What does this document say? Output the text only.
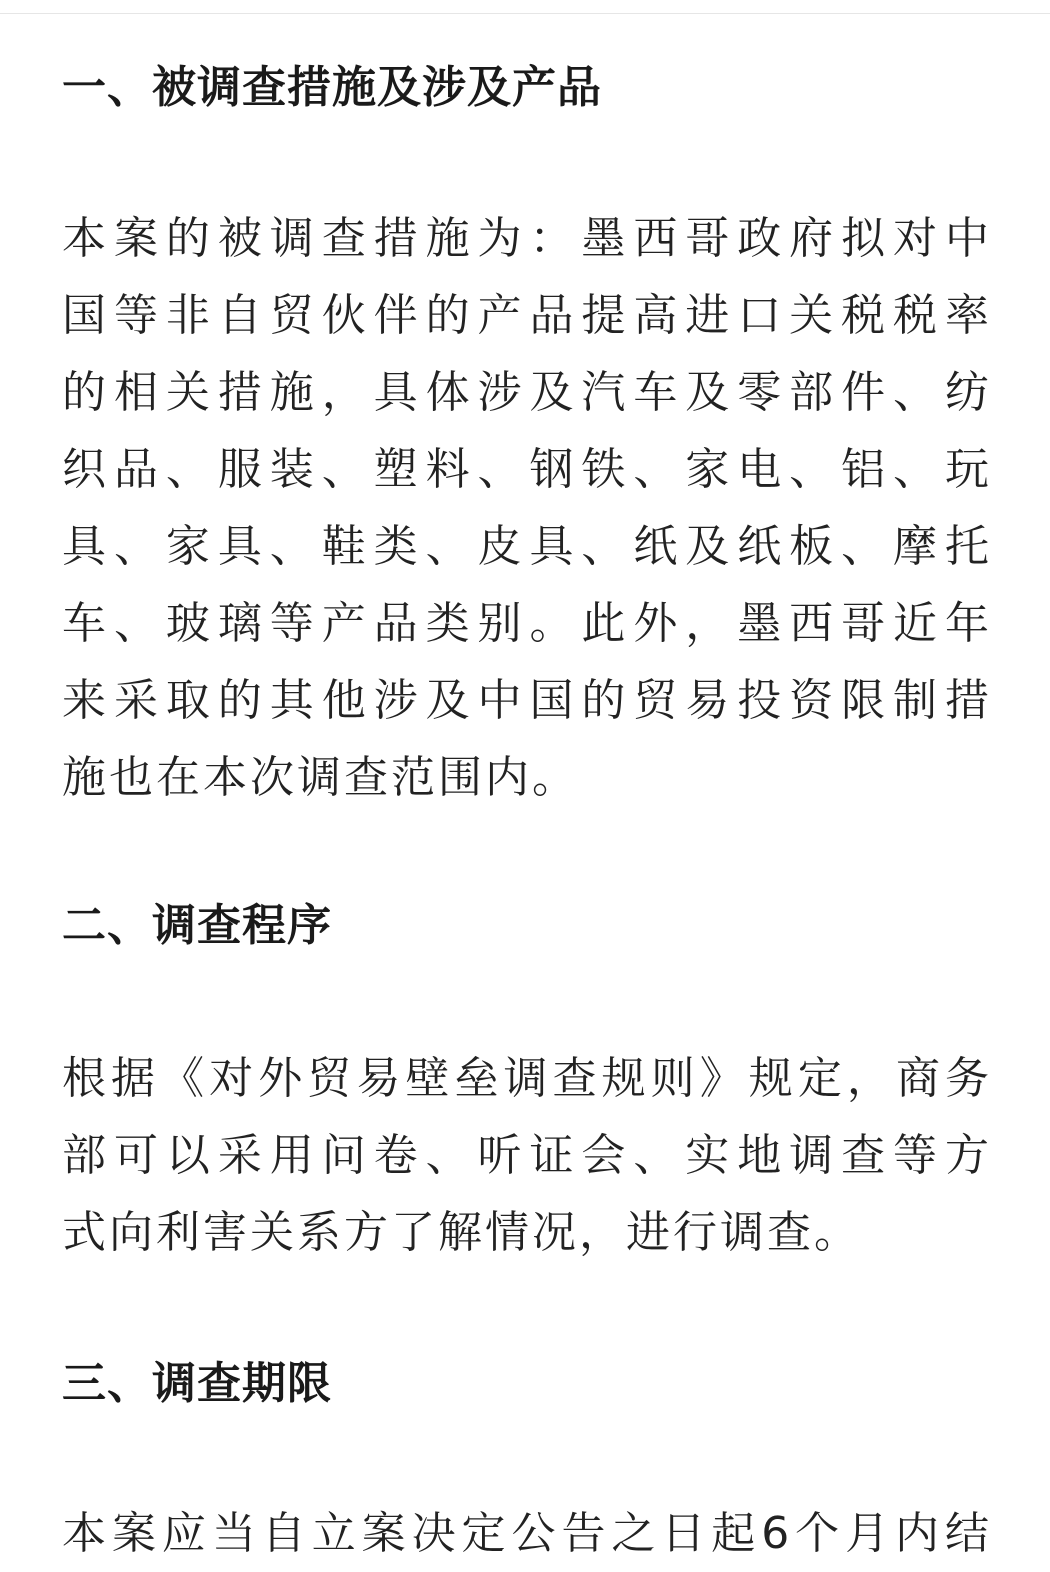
一、被调查措施及涉及产品
本案的被调查措施为：墨西哥政府拟对中
国等非自贸伙伴的产品提高进口关税税率
的相关措施，具体涉及汽车及零部件、纺
织品、服装、塑料、钢铁、家电、铝、玩
具、家具、鞋类、皮具、纸及纸板、摩托
车、玻璃等产品类别。此外，墨西哥近年
来采取的其他涉及中国的贸易投资限制措
施也在本次调查范围内。
二、调查程序
根据《对外贸易壁垒调查规则》规定，商务
部可以采用问卷、听证会、实地调查等方
式向利害关系方了解情况，进行调查。
三、调查期限
本案应当自立案决定公告之日起6个月内结
